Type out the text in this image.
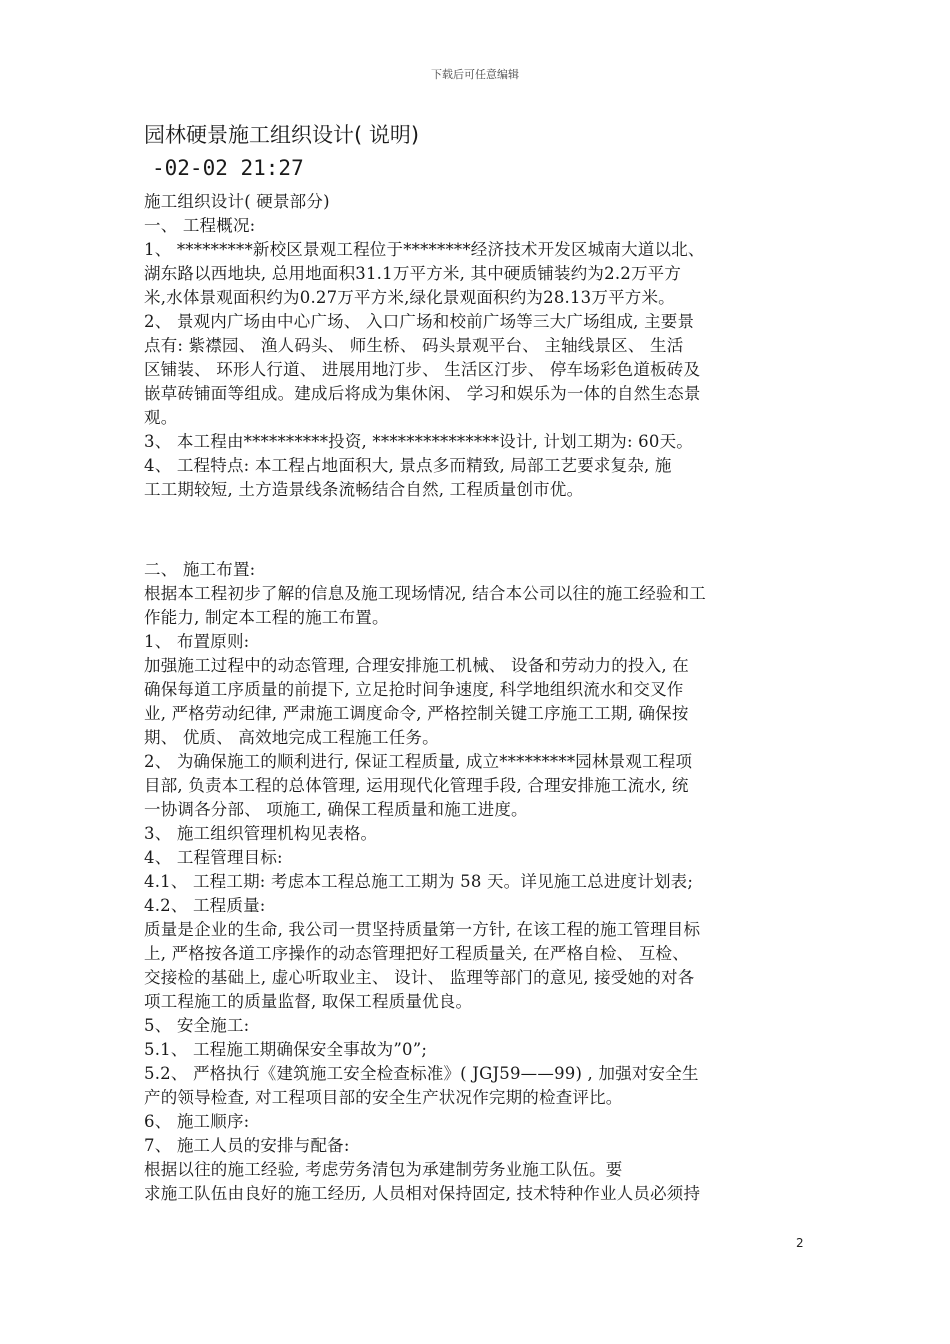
下载后可任意编辑
园林硬景施工组织设计( 说明)
-02-02 21:27

施工组织设计( 硬景部分)

一、 工程概况:

1、 *********新校区景观工程位于********经济技术开发区城南大道以北、

湖东路以西地块, 总用地面积31.1万平方米, 其中硬质铺装约为2.2万平方

米,水体景观面积约为0.27万平方米,绿化景观面积约为28.13万平方米。

2、 景观内广场由中心广场、 入口广场和校前广场等三大广场组成, 主要景

点有: 紫襟园、 渔人码头、 师生桥、 码头景观平台、 主轴线景区、 生活

区铺装、 环形人行道、 进展用地汀步、 生活区汀步、 停车场彩色道板砖及

嵌草砖铺面等组成。建成后将成为集休闲、 学习和娱乐为一体的自然生态景

观。

3、 本工程由**********投资, ***************设计, 计划工期为: 60天。

4、 工程特点: 本工程占地面积大, 景点多而精致, 局部工艺要求复杂, 施

工工期较短, 土方造景线条流畅结合自然, 工程质量创市优。

二、 施工布置:

根据本工程初步了解的信息及施工现场情况, 结合本公司以往的施工经验和工

作能力, 制定本工程的施工布置。

1、 布置原则:

加强施工过程中的动态管理, 合理安排施工机械、 设备和劳动力的投入, 在

确保每道工序质量的前提下, 立足抢时间争速度, 科学地组织流水和交叉作

业, 严格劳动纪律, 严肃施工调度命令, 严格控制关键工序施工工期, 确保按

期、 优质、 高效地完成工程施工任务。

2、 为确保施工的顺利进行, 保证工程质量, 成立*********园林景观工程项

目部, 负责本工程的总体管理, 运用现代化管理手段, 合理安排施工流水, 统

一协调各分部、 项施工, 确保工程质量和施工进度。

3、 施工组织管理机构见表格。

4、 工程管理目标:

4.1、 工程工期: 考虑本工程总施工工期为 58 天。详见施工总进度计划表;

4.2、 工程质量:

质量是企业的生命, 我公司一贯坚持质量第一方针, 在该工程的施工管理目标

上, 严格按各道工序操作的动态管理把好工程质量关, 在严格自检、 互检、

交接检的基础上, 虚心听取业主、 设计、 监理等部门的意见, 接受她的对各

项工程施工的质量监督, 取保工程质量优良。

5、 安全施工:

5.1、 工程施工期确保安全事故为”0”;

5.2、 严格执行《建筑施工安全检查标准》( JGJ59——99) , 加强对安全生

产的领导检查, 对工程项目部的安全生产状况作完期的检查评比。

6、 施工顺序:

7、 施工人员的安排与配备:

根据以往的施工经验, 考虑劳务清包为承建制劳务业施工队伍。要

求施工队伍由良好的施工经历, 人员相对保持固定, 技术特种作业人员必须持

2
